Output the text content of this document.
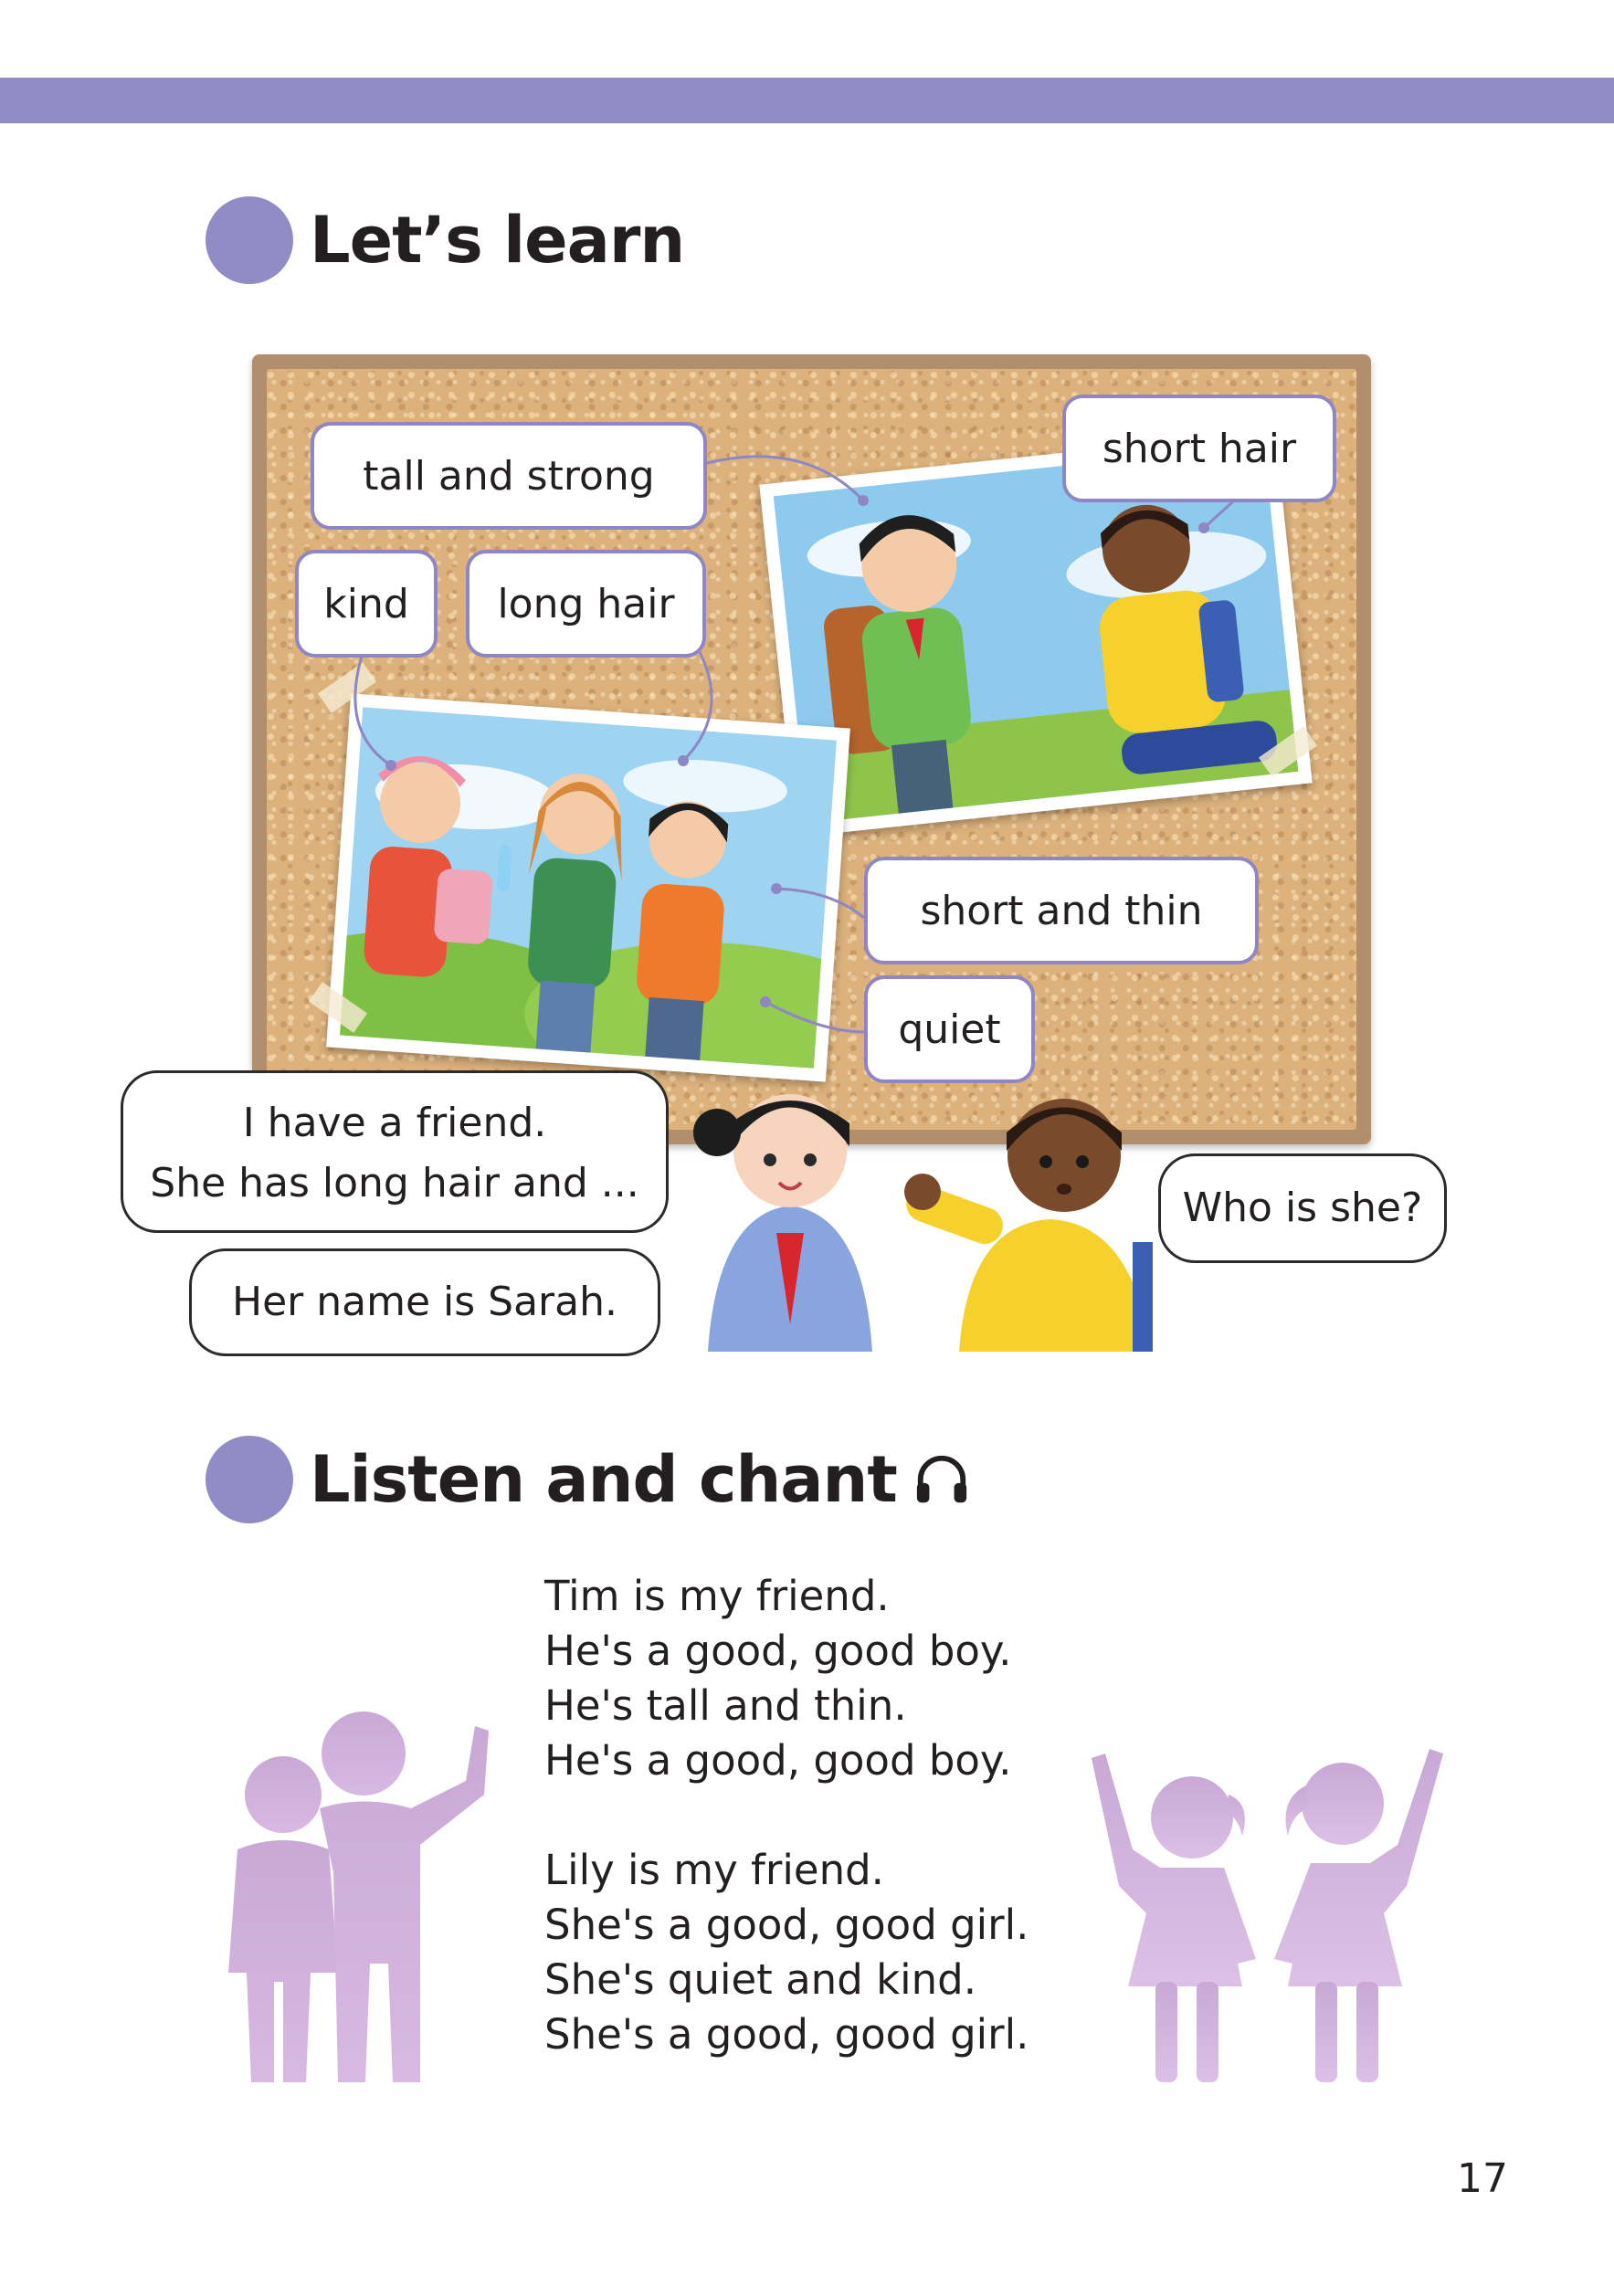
Let’s learn
tall and strong
short hair
kind	long hair
short and thin
quiet
I have a friend.
She has long hair and ...
Her name is Sarah.
Who is she?
Listen and chant
Tim is my friend.
He's a good, good boy.
He's tall and thin.
He's a good, good boy.
Lily is my friend.
She's a good, good girl.
She's quiet and kind.
She's a good, good girl.
17
